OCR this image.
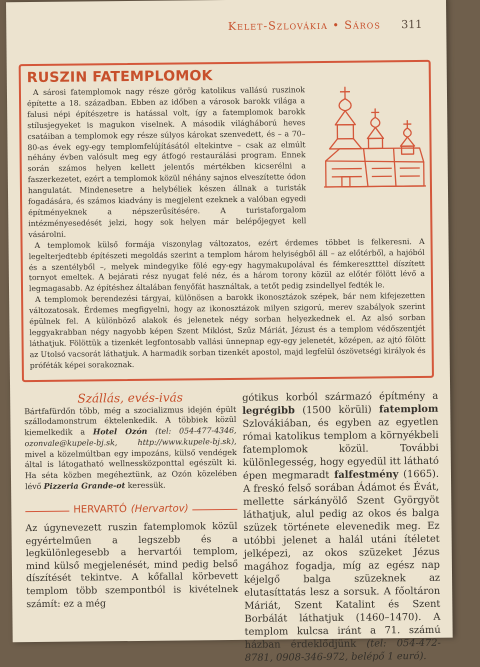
Kelet-Szlovákia • Sáros 311
RUSZIN FATEMPLOMOK

A sárosi fatemplomok nagy része görög katolikus vallású ruszinok építette a 18. században. Ebben az időben a városok barokk világa a falusi népi építészetre is hatással volt, így a fatemplomok barokk stílusjegyeket is magukon viselnek. A második világháború heves csatáiban a templomok egy része súlyos károkat szenvedett, és – a 70–80-as évek egy-egy templomfelújításától eltekintve – csak az elmúlt néhány évben valósult meg egy átfogó restaurálási program. Ennek során számos helyen kellett jelentős mértékben kicserélni a faszerkezetet, ezért a templomok közül néhány sajnos elveszítette ódon hangulatát. Mindenesetre a helybéliek készen állnak a turisták fogadására, és számos kiadvány is megjelent ezeknek a valóban egyedi építményeknek a népszerűsítésére. A turistaforgalom intézményesedését jelzi, hogy sok helyen már belépőjegyet kell vásárolni.

A templomok külső formája viszonylag változatos, ezért érdemes többet is felkeresni. A legelterjedtebb építészeti megoldás szerint a templom három helyiségből áll – az előtérből, a hajóból és a szentélyből –, melyek mindegyike fölé egy-egy hagymakupolával és fémkeresztttel díszített tornyot emeltek. A bejárati rész nyugat felé néz, és a három torony közül az előtér fölött lévő a legmagasabb. Az építéshez általában fenyőfát használtak, a tetőt pedig zsindellyel fedték le.

A templomok berendezési tárgyai, különösen a barokk ikonosztázok szépek, bár nem kifejezetten változatosak. Érdemes megfigyelni, hogy az ikonosztázok milyen szigorú, merev szabályok szerint épülnek fel. A különböző alakok és jelenetek négy sorban helyezkednek el. Az alsó sorban leggyakrabban négy nagyobb képen Szent Miklóst, Szűz Máriát, Jézust és a templom védőszentjét láthatjuk. Fölöttük a tizenkét legfontosabb vallási ünnepnap egy-egy jelenetét, középen, az ajtó fölött az Utolsó vacsorát láthatjuk. A harmadik sorban tizenkét apostol, majd legfelül ószövetségi királyok és próféták képei sorakoznak.

Szállás, evés-ivás
Bártfafürdőn több, még a szocializmus idején épült szállodamonstrum éktelenkedik. A többiek közül kiemelkedik a Hotel Ozón (tel: 054-477-4346, ozonvale@kupele-bj.sk, http://www.kupele-bj.sk), mivel a közelmúltban egy impozáns, külső vendégek által is látogatható wellnessközponttal egészült ki. Ha séta közben megéheztünk, az Ozón közelében lévő Pizzeria Grande-ot keressük.
HERVARTÓ (Hervartov)
Az úgynevezett ruszin fatemplomok közül egyértelműen a legszebb és a legkülönlegesebb a hervartói templom, mind külső megjelenését, mind pedig belső díszítését tekintve. A kőfallal körbevett templom több szempontból is kivételnek számít: ez a még
gótikus korból származó építmény a legrégibb (1500 körüli) fatemplom Szlovákiában, és egyben az egyetlen római katolikus templom a környékbeli fatemplomok közül. További különlegesség, hogy egyedül itt látható épen megmaradt falfestmény (1665). A freskó felső sorában Ádámot és Évát, mellette sárkányölő Szent Györgyöt láthatjuk, alul pedig az okos és balga szüzek története elevenedik meg. Ez utóbbi jelenet a halál utáni ítéletet jelképezi, az okos szüzeket Jézus magához fogadja, míg az egész nap kéjelgő balga szüzeknek az elutasíttatás lesz a sorsuk. A főoltáron Máriát, Szent Katalint és Szent Borbálát láthatjuk (1460–1470). A templom kulcsa iránt a 71. számú házban érdeklődjünk (tel: 054-472-8781, 0908-346-972, belépő 1 euró).
